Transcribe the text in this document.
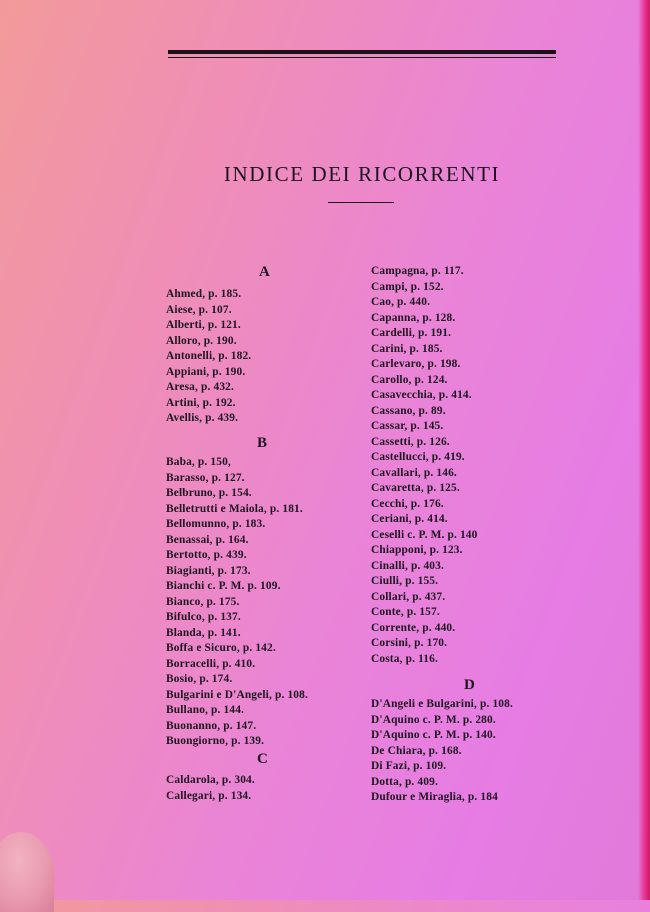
INDICE DEI RICORRENTI
A
Ahmed, p. 185.
Aiese, p. 107.
Alberti, p. 121.
Alloro, p. 190.
Antonelli, p. 182.
Appiani, p. 190.
Aresa, p. 432.
Artini, p. 192.
Avellis, p. 439.
B
Baba, p. 150,
Barasso, p. 127.
Belbruno, p. 154.
Belletrutti e Maiola, p. 181.
Bellomunno, p. 183.
Benassai, p. 164.
Bertotto, p. 439.
Biagianti, p. 173.
Bianchi c. P. M. p. 109.
Bianco, p. 175.
Bifulco, p. 137.
Blanda, p. 141.
Boffa e Sicuro, p. 142.
Borracelli, p. 410.
Bosio, p. 174.
Bulgarini e D'Angeli, p. 108.
Bullano, p. 144.
Buonanno, p. 147.
Buongiorno, p. 139.
C
Caldarola, p. 304.
Callegari, p. 134.
Campagna, p. 117.
Campi, p. 152.
Cao, p. 440.
Capanna, p. 128.
Cardelli, p. 191.
Carini, p. 185.
Carlevaro, p. 198.
Carollo, p. 124.
Casavecchia, p. 414.
Cassano, p. 89.
Cassar, p. 145.
Cassetti, p. 126.
Castellucci, p. 419.
Cavallari, p. 146.
Cavaretta, p. 125.
Cecchi, p. 176.
Ceriani, p. 414.
Ceselli c. P. M. p. 140
Chiapponi, p. 123.
Cinalli, p. 403.
Ciulli, p. 155.
Collari, p. 437.
Conte, p. 157.
Corrente, p. 440.
Corsini, p. 170.
Costa, p. 116.
D
D'Angeli e Bulgarini, p. 108.
D'Aquino c. P. M. p. 280.
D'Aquino c. P. M. p. 140.
De Chiara, p. 168.
Di Fazi, p. 109.
Dotta, p. 409.
Dufour e Miraglia, p. 184
